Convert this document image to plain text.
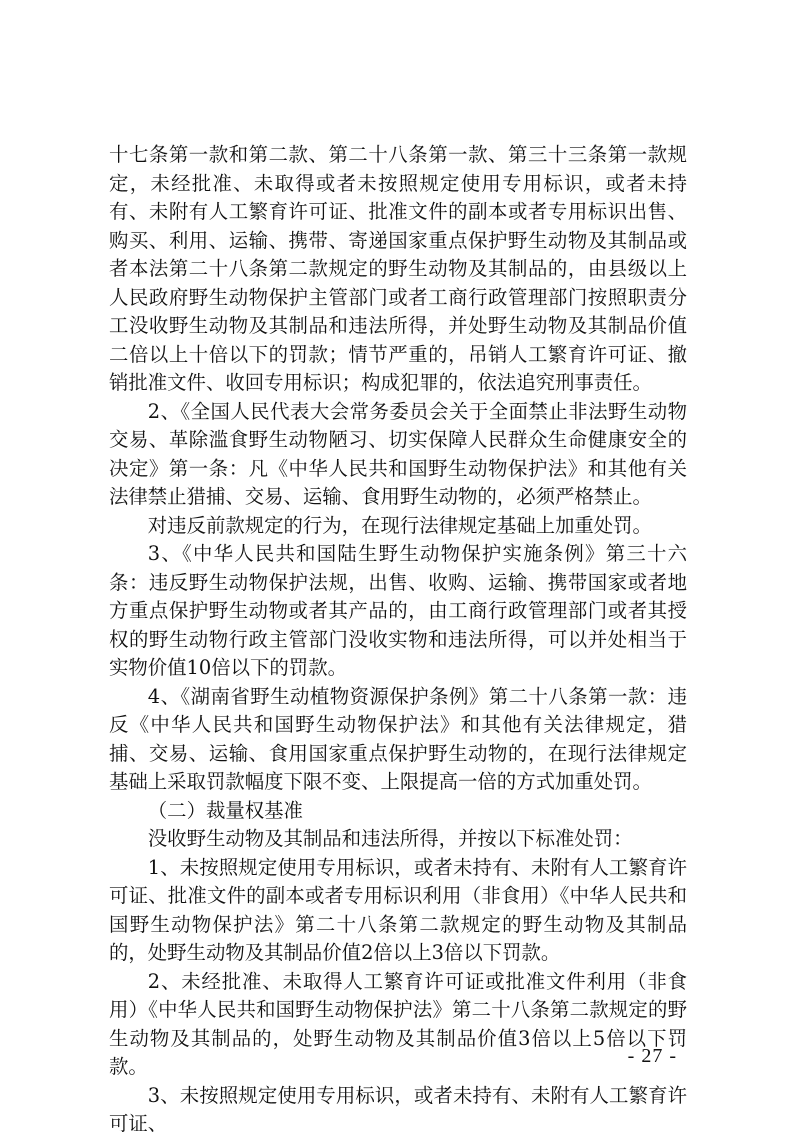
十七条第一款和第二款、第二十八条第一款、第三十三条第一款规定，未经批准、未取得或者未按照规定使用专用标识，或者未持有、未附有人工繁育许可证、批准文件的副本或者专用标识出售、购买、利用、运输、携带、寄递国家重点保护野生动物及其制品或者本法第二十八条第二款规定的野生动物及其制品的，由县级以上人民政府野生动物保护主管部门或者工商行政管理部门按照职责分工没收野生动物及其制品和违法所得，并处野生动物及其制品价值二倍以上十倍以下的罚款；情节严重的，吊销人工繁育许可证、撤销批准文件、收回专用标识；构成犯罪的，依法追究刑事责任。

2、《全国人民代表大会常务委员会关于全面禁止非法野生动物交易、革除滥食野生动物陋习、切实保障人民群众生命健康安全的决定》第一条：凡《中华人民共和国野生动物保护法》和其他有关法律禁止猎捕、交易、运输、食用野生动物的，必须严格禁止。

对违反前款规定的行为，在现行法律规定基础上加重处罚。

3、《中华人民共和国陆生野生动物保护实施条例》第三十六条：违反野生动物保护法规，出售、收购、运输、携带国家或者地方重点保护野生动物或者其产品的，由工商行政管理部门或者其授权的野生动物行政主管部门没收实物和违法所得，可以并处相当于实物价值10倍以下的罚款。

4、《湖南省野生动植物资源保护条例》第二十八条第一款：违反《中华人民共和国野生动物保护法》和其他有关法律规定，猎捕、交易、运输、食用国家重点保护野生动物的，在现行法律规定基础上采取罚款幅度下限不变、上限提高一倍的方式加重处罚。

（二）裁量权基准

没收野生动物及其制品和违法所得，并按以下标准处罚：

1、未按照规定使用专用标识，或者未持有、未附有人工繁育许可证、批准文件的副本或者专用标识利用（非食用）《中华人民共和国野生动物保护法》第二十八条第二款规定的野生动物及其制品的，处野生动物及其制品价值2倍以上3倍以下罚款。

2、未经批准、未取得人工繁育许可证或批准文件利用（非食用）《中华人民共和国野生动物保护法》第二十八条第二款规定的野生动物及其制品的，处野生动物及其制品价值3倍以上5倍以下罚款。

3、未按照规定使用专用标识，或者未持有、未附有人工繁育许可证、

- 27 -
